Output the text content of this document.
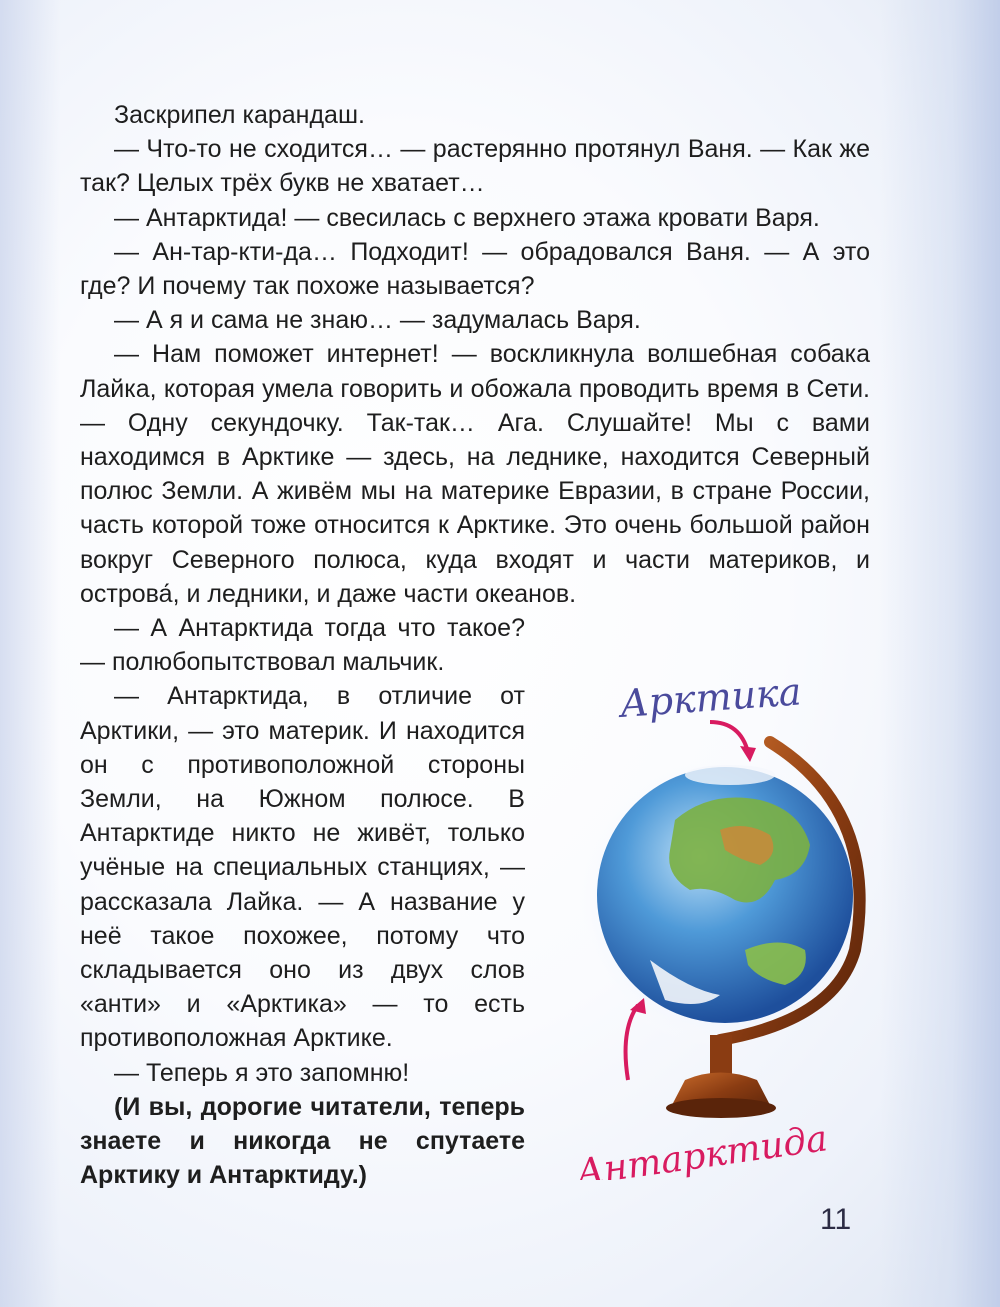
Заскрипел карандаш.

— Что-то не сходится… — растерянно протянул Ваня. — Как же так? Целых трёх букв не хватает…

— Антарктида! — свесилась с верхнего этажа кровати Варя.

— Ан-тар-кти-да… Подходит! — обрадовался Ваня. — А это где? И почему так похоже называется?

— А я и сама не знаю… — задумалась Варя.

— Нам поможет интернет! — воскликнула волшебная собака Лайка, которая умела говорить и обожала проводить время в Сети. — Одну секундочку. Так-так… Ага. Слушайте! Мы с вами находимся в Арктике — здесь, на леднике, находится Северный полюс Земли. А живём мы на материке Евразии, в стране России, часть которой тоже относится к Арктике. Это очень большой район вокруг Северного полюса, куда входят и части материков, и острова́, и ледники, и даже части океанов.

— А Антарктида тогда что такое? — полюбопытствовал мальчик.

— Антарктида, в отличие от Арктики, — это материк. И находится он с противоположной стороны Земли, на Южном полюсе. В Антарктиде никто не живёт, только учёные на специальных станциях, — рассказала Лайка. — А название у неё такое похожее, потому что складывается оно из двух слов «анти» и «Арктика» — то есть противоположная Арктике.

— Теперь я это запомню!

(И вы, дорогие читатели, теперь знаете и никогда не спутаете Арктику и Антарктиду.)

Арктика
Антарктида
11
